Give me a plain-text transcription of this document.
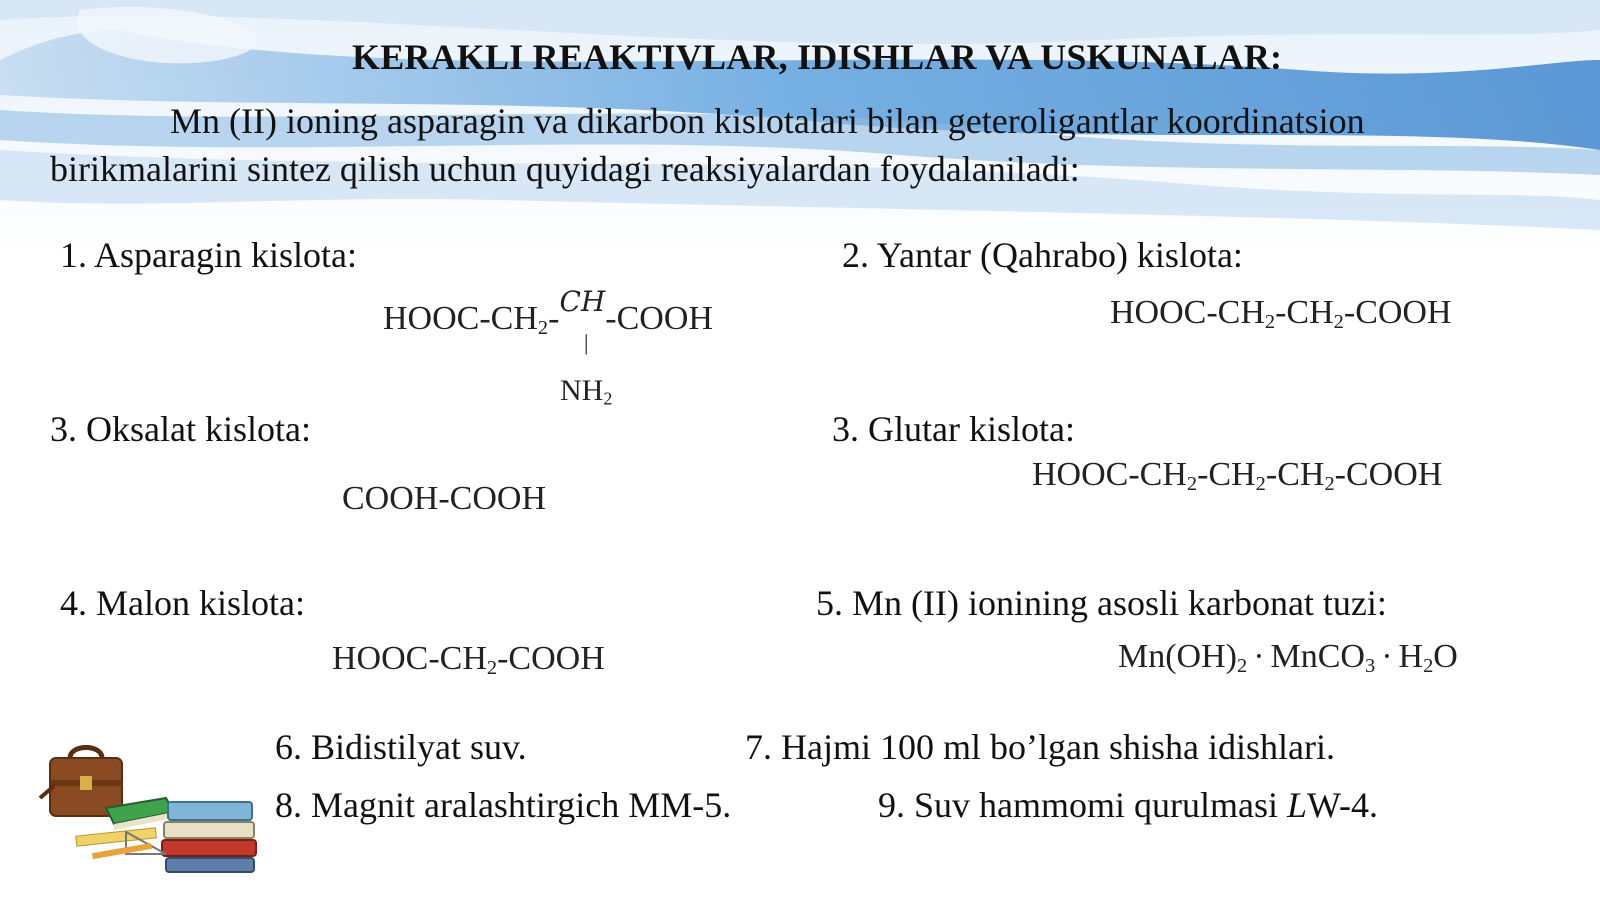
KERAKLI REAKTIVLAR, IDISHLAR VA USKUNALAR:
Mn (II) ioning asparagin va dikarbon kislotalari bilan geteroligantlar koordinatsion
birikmalarini sintez qilish uchun quyidagi reaksiyalardan foydalaniladi:
1. Asparagin kislota:
HOOC-$CH_2-^{CH}$-COOH
|
$NH_2$
2. Yantar (Qahrabo) kislota:
HOOC-$CH_2-CH_2$-COOH
3. Oksalat kislota:
COOH-COOH
3. Glutar kislota:
HOOC-$CH_2-CH_2-CH_2$-COOH
4. Malon kislota:
HOOC-$CH_2$-COOH
5. Mn (II) ionining asosli karbonat tuzi:
$Mn(OH)_2$ · MnCO$_3$ · $H_2O$
6. Bidistilyat suv.	7. Hajmi 100 ml bo’lgan shisha idishlari.
8. Magnit aralashtirgich MM-5.	9. Suv hammomi qurulmasi LW-4.
